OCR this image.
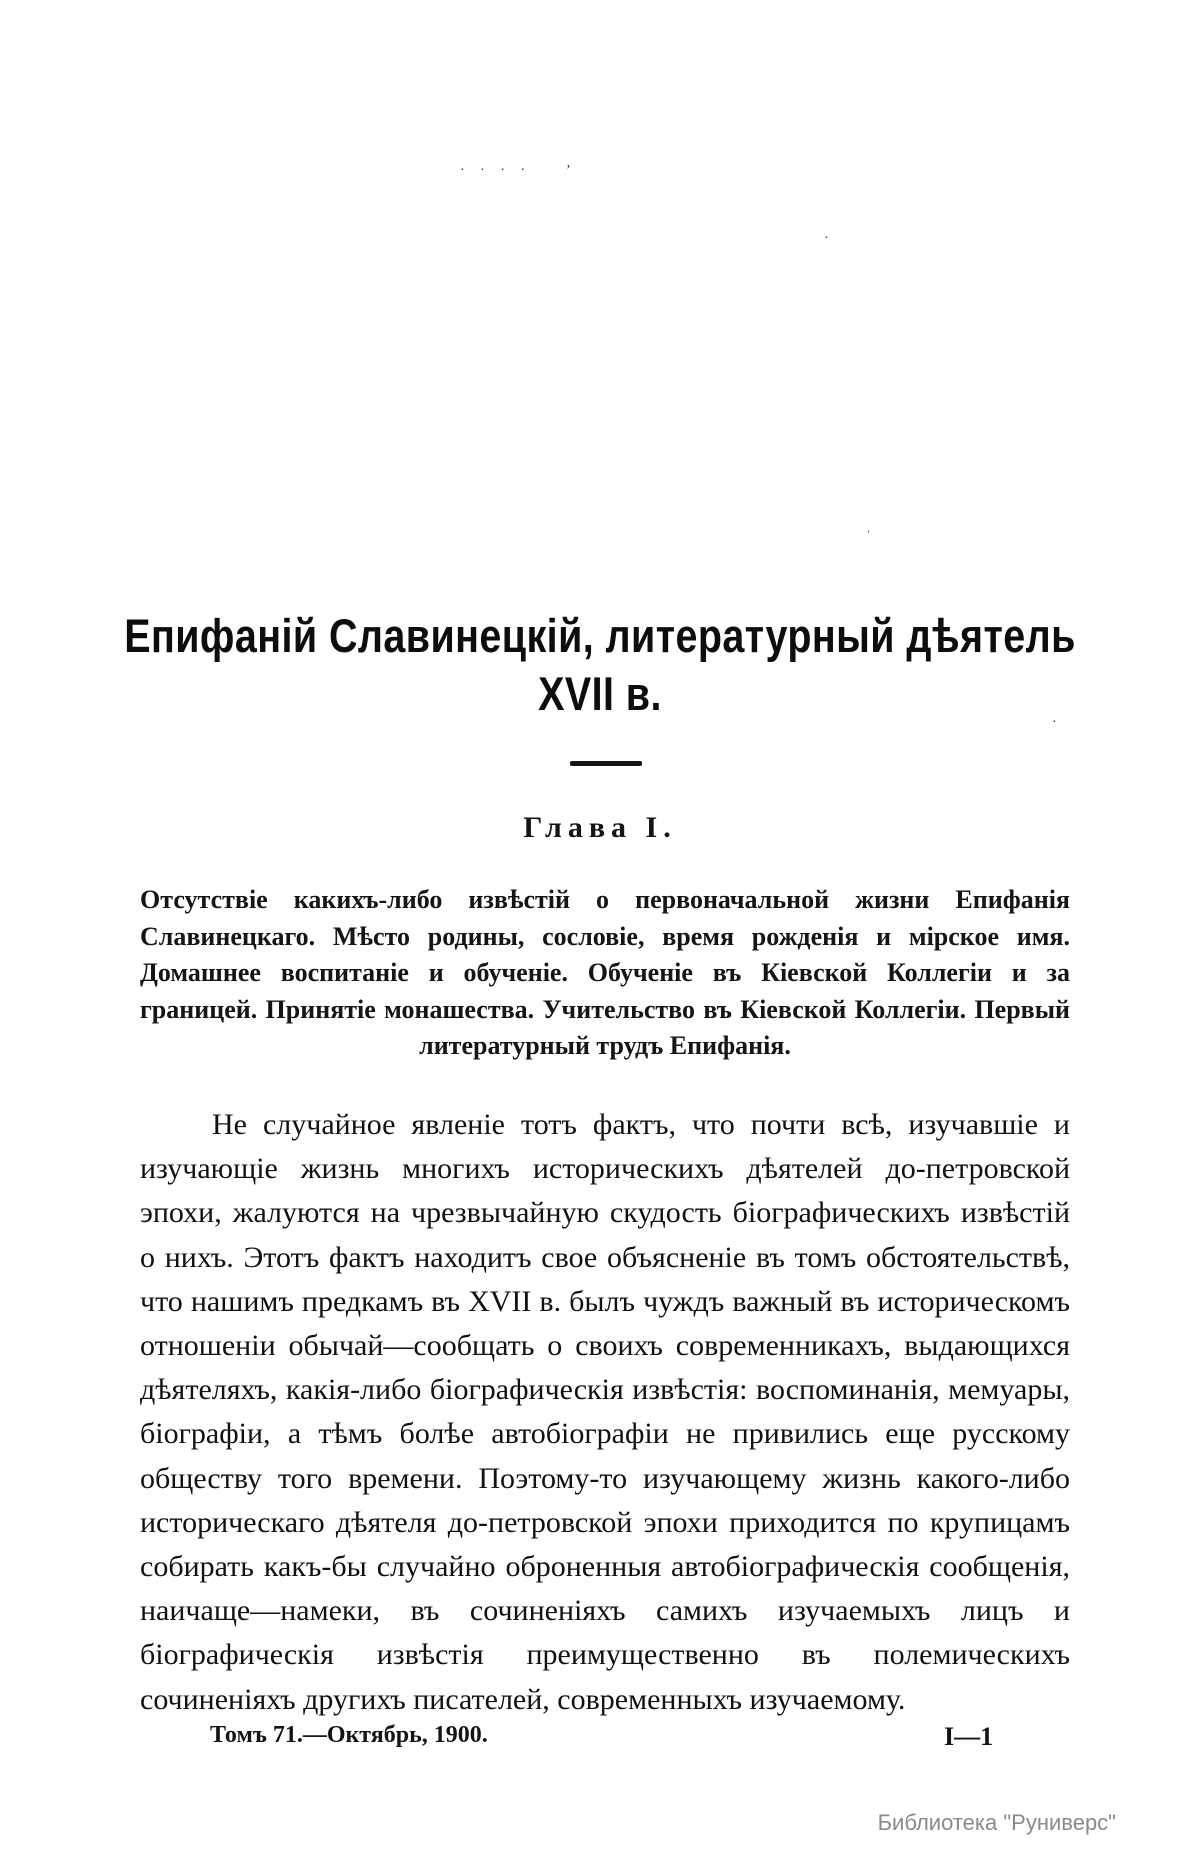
· · · · ʼ
·
ˈ
·
Епифаній Славинецкій, литературный дѣятель
XVII в.
Глава I.
Отсутствіе какихъ-либо извѣстій о первоначальной жизни Епифанія Славинецкаго. Мѣсто родины, сословіе, время рожденія и мірское имя. Домашнее воспитаніе и обученіе. Обученіе въ Кіевской Коллегіи и за границей. Принятіе монашества. Учительство въ Кіевской Коллегіи. Первый литературный трудъ Епифанія.
Не случайное явленіе тотъ фактъ, что почти всѣ, изучавшіе и изучающіе жизнь многихъ историческихъ дѣятелей до-петровской эпохи, жалуются на чрезвычайную скудость біографическихъ извѣстій о нихъ. Этотъ фактъ находитъ свое объясненіе въ томъ обстоятельствѣ, что нашимъ предкамъ въ XVII в. былъ чуждъ важный въ историческомъ отношеніи обычай—сообщать о своихъ современникахъ, выдающихся дѣятеляхъ, какія-либо біографическія извѣстія: воспоминанія, мемуары, біографіи, а тѣмъ болѣе автобіографіи не привились еще русскому обществу того времени. Поэтому-то изучающему жизнь какого-либо историческаго дѣятеля до-петровской эпохи приходится по крупицамъ собирать какъ-бы случайно оброненныя автобіографическія сообщенія, наичаще—намеки, въ сочиненіяхъ самихъ изучаемыхъ лицъ и біографическія извѣстія преимущественно въ полемическихъ сочиненіяхъ другихъ писателей, современныхъ изучаемому.
Томъ 71.—Октябрь, 1900.	I—1
Библиотека "Руниверс"
